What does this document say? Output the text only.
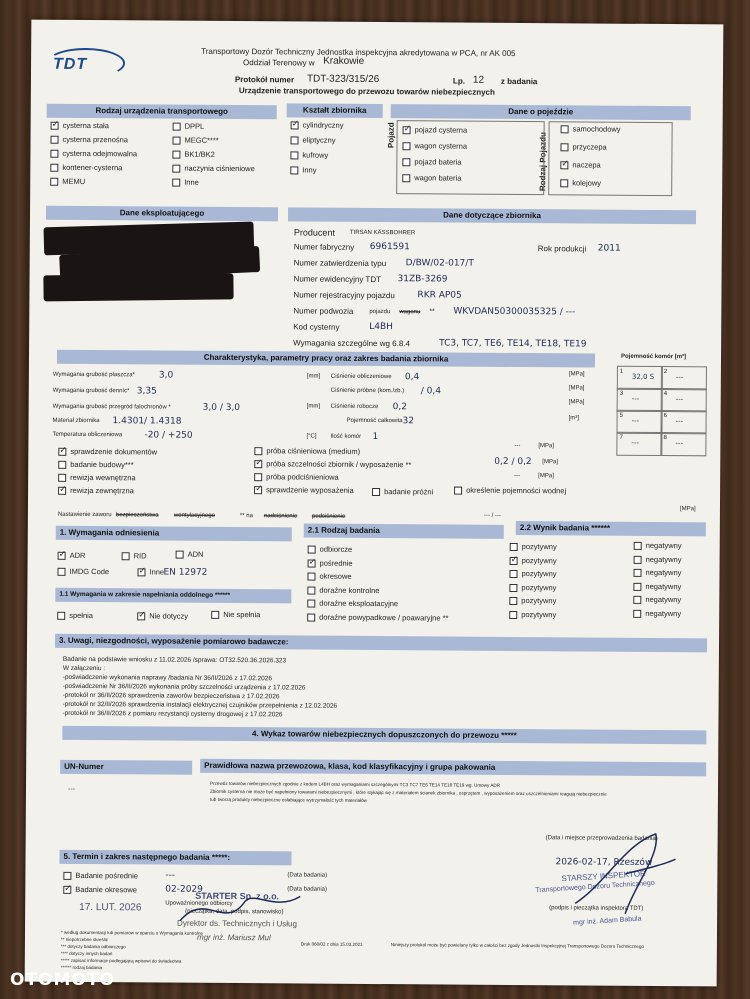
TDT
Transportowy Dozór Techniczny Jednostka inspekcyjna akredytowana w PCA, nr AK 005
Oddział Terenowy w Krakowie
Protokół numer TDT-323/315/26	Lp. 12 z badania
Urządzenie transportowego do przewozu towarów niebezpiecznych
Rodzaj urządzenia transportowego
✓
cysterna stała
cysterna przenośna
cysterna odejmowalna
kontener-cysterna
MEMU
DPPL
MEGC****
BK1/BK2
naczynia ciśnieniowe
Inne
Kształt zbiornika
✓
cylindryczny
eliptyczny
kufrowy
Inny
Dane o pojeździe
Pojazd	Rodzaj Pojazdu
✓
pojazd cysterna
wagon cysterna
pojazd bateria
wagon bateria
samochodowy
przyczepa
✓
naczepa
kolejowy
Dane eksploatującego	Dane dotyczące zbiornika
Producent TIRSAN KÄSSBOHRER
Numer fabryczny 6961591	Rok produkcji 2011
Numer zatwierdzenia typu D/BW/02-017/T
Numer ewidencyjny TDT 31ZB-3269
Numer rejestracyjny pojazdu	RKR AP05
Numer podwozia	pojazdu wagonu ** WKVDAN50300035325 / ---
Kod cysterny	L4BH
Wymagania szczególne wg 6.8.4	TC3, TC7, TE6, TE14, TE18, TE19
Charakterystyka, parametry pracy oraz zakres badania zbiornika
Wymagania grubość płaszcza*	3,0
Wymagania grubość denníc* 3,35
Wymagania grubość przegród falochronów *	3,0 / 3,0
Materiał zbiornika 1.4301/ 1.4318
Temperatura obliczeniowa -20 / +250
[mm]
[mm]
[°C]
Ciśnienie obliczeniowe 0,4
Ciśnienie próbne (kom./zb.) / 0,4
Ciśnienie robocze 0,2
Pojemność całkowita 32
Ilość komór 1
[MPa]
[MPa]
[MPa]
[m³]
Pojemność komór [m³]
1
32,0 S
2
---
3
---
4
---
5
---
6
---
7
---
8
---
✓
sprawdzenie dokumentów
badanie budowy***
rewizja wewnętrzna
✓
rewizja zewnętrzna
próba ciśnieniowa (medium)
✓
próba szczelności zbiornik / wyposażenie **
próba podciśnieniowa
✓
sprawdzenie wyposażenia	badanie próżni	określenie pojemności wodnej
---	[MPa]
0,2 / 0,2 [MPa]
---	[MPa]
Nastawienie zaworu bezpieczeństwa	wentylacyjnego	** na nadciśnienie podciśnienie	--- / ---
[MPa]
1. Wymagania odniesienia	2.1 Rodzaj badania	2.2 Wynik badania ******
✓
ADR	RID	ADN
IMDG Code ✓	Inne EN 12972
1.1 Wymagania w zakresie napełniania oddolnego ******
spełnia ✓	Nie dotyczy	Nie spełnia
odbiorcze
✓
pośrednie
okresowe
doraźne kontrolne
doraźne eksploatacyjne
doraźne powypadkowe / poawaryjne **
pozytywny	negatywny
✓
pozytywny	negatywny
pozytywny	negatywny
pozytywny	negatywny
pozytywny	negatywny
pozytywny	negatywny
3. Uwagi, niezgodności, wyposażenie pomiarowo badawcze:
Badanie na podstawie wniosku z 11.02.2026 /sprawa: OT32.520.36.2026.323
W załączeniu :
-poświadczenie wykonania naprawy /badania Nr 36/II/2026 z 17.02.2026
-poświadczenie Nr 36/II/2026 wykonania próby szczelności urządzenia z 17.02.2026
-protokół nr 36/II/2026 sprawdzenia zaworów bezpieczeństwa z 17.02.2026
-protokół nr 32/II/2026 sprawdzenia instalacji elektrycznej czujników przepełnienia z 12.02.2026
-protokół nr 36/II/2026 z pomiaru rezystancji cysterny drogowej z 17.02.2026
4. Wykaz towarów niebezpiecznych dopuszczonych do przewozu *****
UN-Numer	Prawidłowa nazwa przewozowa, klasa, kod klasyfikacyjny i grupa pakowania
---
Przewóz towarów niebezpiecznych zgodnie z kodem L4BH oraz wymaganiami szczególnymi TC3 TC7 TE6 TE14 TE18 TE19 wg. Umowy ADR
Zbiornik cysterna nie może być napełniony towarami niebezpiecznymi , które stykając się z materiałem ścianek zbiornika , osprzętem , wyposażeniem oraz uszczelnieniami reagują niebezpiecznie
tub tworzą produkty niebezpieczne osłabiające wytrzymałość tych materiałów
5. Termin i zakres następnego badania *****:
Badanie pośrednie	---	(Data badania)
✓
Badanie okresowe	02-2029	(Data badania)
(Data i miejsce przeprowadzenia badania)
2026-02-17, Rzeszów
STARSZY INSPEKTOR
Transportowego Dozoru Technicznego
(podpis i pieczątka inspektora TDT)
mgr inż. Adam Babula
17. LUT. 2026
STARTER Sp. z o.o.
(pieczątka, data, podpis, stanowisko)
Upoważnionego odbiorcy
Dyrektor ds. Technicznych i Usług
mgr inż. Mariusz Mul
* według dokumentacji lub pomiarów w oparciu o Wymagania kontrolne
** niepotrzebne skreślić
*** dotyczy badania odbiorczego
**** dotyczy innych badań
***** zapisać informacje podlegającą wpisowi do świadectwa
****** rodzaj badania
Druk 060/02 z dnia 15.03.2021	Niniejszy protokół może być powielany tylko w całości bez zgody Jednostki Inspekcyjnej Transportowego Dozoru Technicznego
OTOMOTO
